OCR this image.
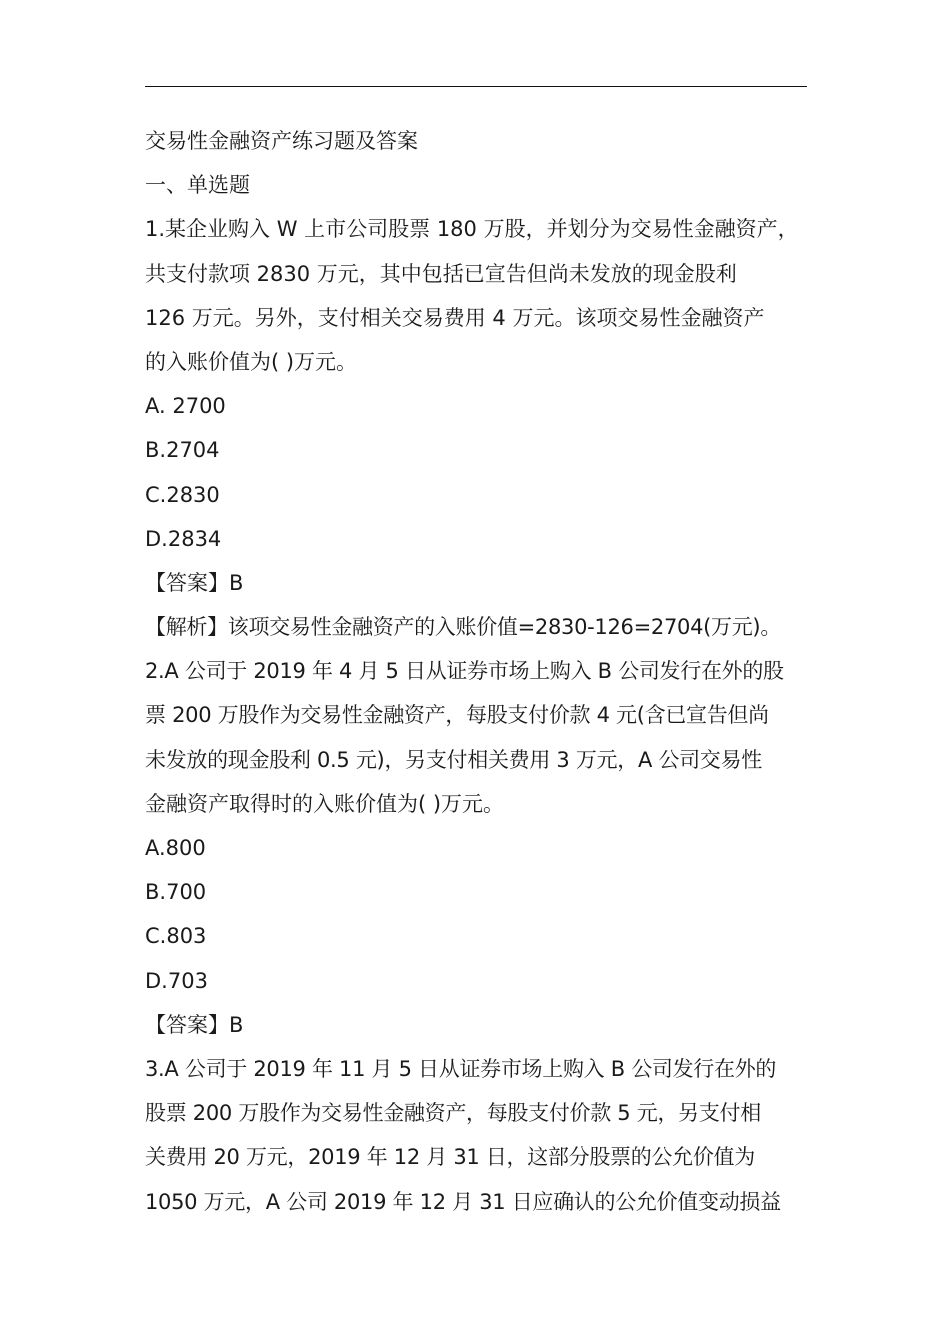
交易性金融资产练习题及答案
一、单选题
1.某企业购入 W 上市公司股票 180 万股，并划分为交易性金融资产，
共支付款项 2830 万元，其中包括已宣告但尚未发放的现金股利
126 万元。另外，支付相关交易费用 4 万元。该项交易性金融资产
的入账价值为( )万元。
A. 2700
B.2704
C.2830
D.2834
【答案】B
【解析】该项交易性金融资产的入账价值=2830-126=2704(万元)。
2.A 公司于 2019 年 4 月 5 日从证券市场上购入 B 公司发行在外的股
票 200 万股作为交易性金融资产，每股支付价款 4 元(含已宣告但尚
未发放的现金股利 0.5 元)，另支付相关费用 3 万元，A 公司交易性
金融资产取得时的入账价值为( )万元。
A.800
B.700
C.803
D.703
【答案】B
3.A 公司于 2019 年 11 月 5 日从证券市场上购入 B 公司发行在外的
股票 200 万股作为交易性金融资产，每股支付价款 5 元，另支付相
关费用 20 万元，2019 年 12 月 31 日，这部分股票的公允价值为
1050 万元，A 公司 2019 年 12 月 31 日应确认的公允价值变动损益
